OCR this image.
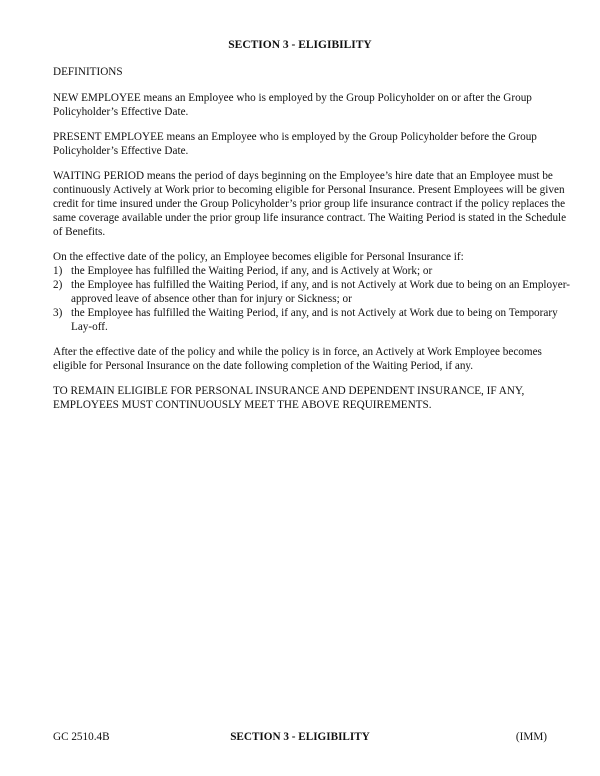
SECTION 3 - ELIGIBILITY

DEFINITIONS

NEW EMPLOYEE means an Employee who is employed by the Group Policyholder on or after the Group Policyholder’s Effective Date.

PRESENT EMPLOYEE means an Employee who is employed by the Group Policyholder before the Group Policyholder’s Effective Date.

WAITING PERIOD means the period of days beginning on the Employee’s hire date that an Employee must be continuously Actively at Work prior to becoming eligible for Personal Insurance. Present Employees will be given credit for time insured under the Group Policyholder’s prior group life insurance contract if the policy replaces the same coverage available under the prior group life insurance contract. The Waiting Period is stated in the Schedule of Benefits.

On the effective date of the policy, an Employee becomes eligible for Personal Insurance if:

1) the Employee has fulfilled the Waiting Period, if any, and is Actively at Work; or
2) the Employee has fulfilled the Waiting Period, if any, and is not Actively at Work due to being on an Employer-approved leave of absence other than for injury or Sickness; or
3) the Employee has fulfilled the Waiting Period, if any, and is not Actively at Work due to being on Temporary Lay-off.

After the effective date of the policy and while the policy is in force, an Actively at Work Employee becomes eligible for Personal Insurance on the date following completion of the Waiting Period, if any.

TO REMAIN ELIGIBLE FOR PERSONAL INSURANCE AND DEPENDENT INSURANCE, IF ANY, EMPLOYEES MUST CONTINUOUSLY MEET THE ABOVE REQUIREMENTS.

GC 2510.4B	SECTION 3 - ELIGIBILITY	(IMM)
